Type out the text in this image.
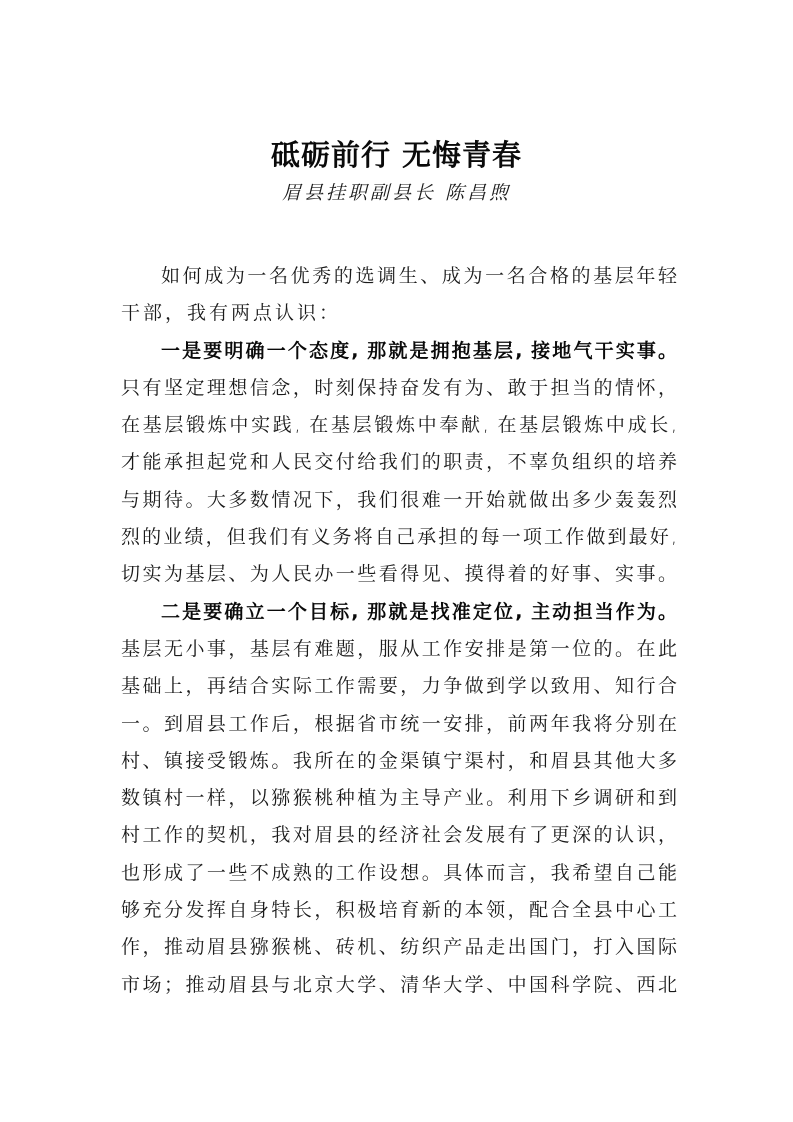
砥砺前行 无悔青春
眉县挂职副县长 陈昌煦
如何成为一名优秀的选调生、成为一名合格的基层年轻
干部，我有两点认识：
一是要明确一个态度, 那就是拥抱基层, 接地气干实事。
只有坚定理想信念，时刻保持奋发有为、敢于担当的情怀，
在基层锻炼中实践, 在基层锻炼中奉献, 在基层锻炼中成长,
才能承担起党和人民交付给我们的职责，不辜负组织的培养
与期待。大多数情况下，我们很难一开始就做出多少轰轰烈
烈的业绩，但我们有义务将自己承担的每一项工作做到最好,
切实为基层、为人民办一些看得见、摸得着的好事、实事。
二是要确立一个目标, 那就是找准定位, 主动担当作为。
基层无小事，基层有难题，服从工作安排是第一位的。在此
基础上，再结合实际工作需要，力争做到学以致用、知行合
一。到眉县工作后，根据省市统一安排，前两年我将分别在
村、镇接受锻炼。我所在的金渠镇宁渠村，和眉县其他大多
数镇村一样，以猕猴桃种植为主导产业。利用下乡调研和到
村工作的契机，我对眉县的经济社会发展有了更深的认识，
也形成了一些不成熟的工作设想。具体而言，我希望自己能
够充分发挥自身特长，积极培育新的本领，配合全县中心工
作，推动眉县猕猴桃、砖机、纺织产品走出国门，打入国际
市场；推动眉县与北京大学、清华大学、中国科学院、西北
